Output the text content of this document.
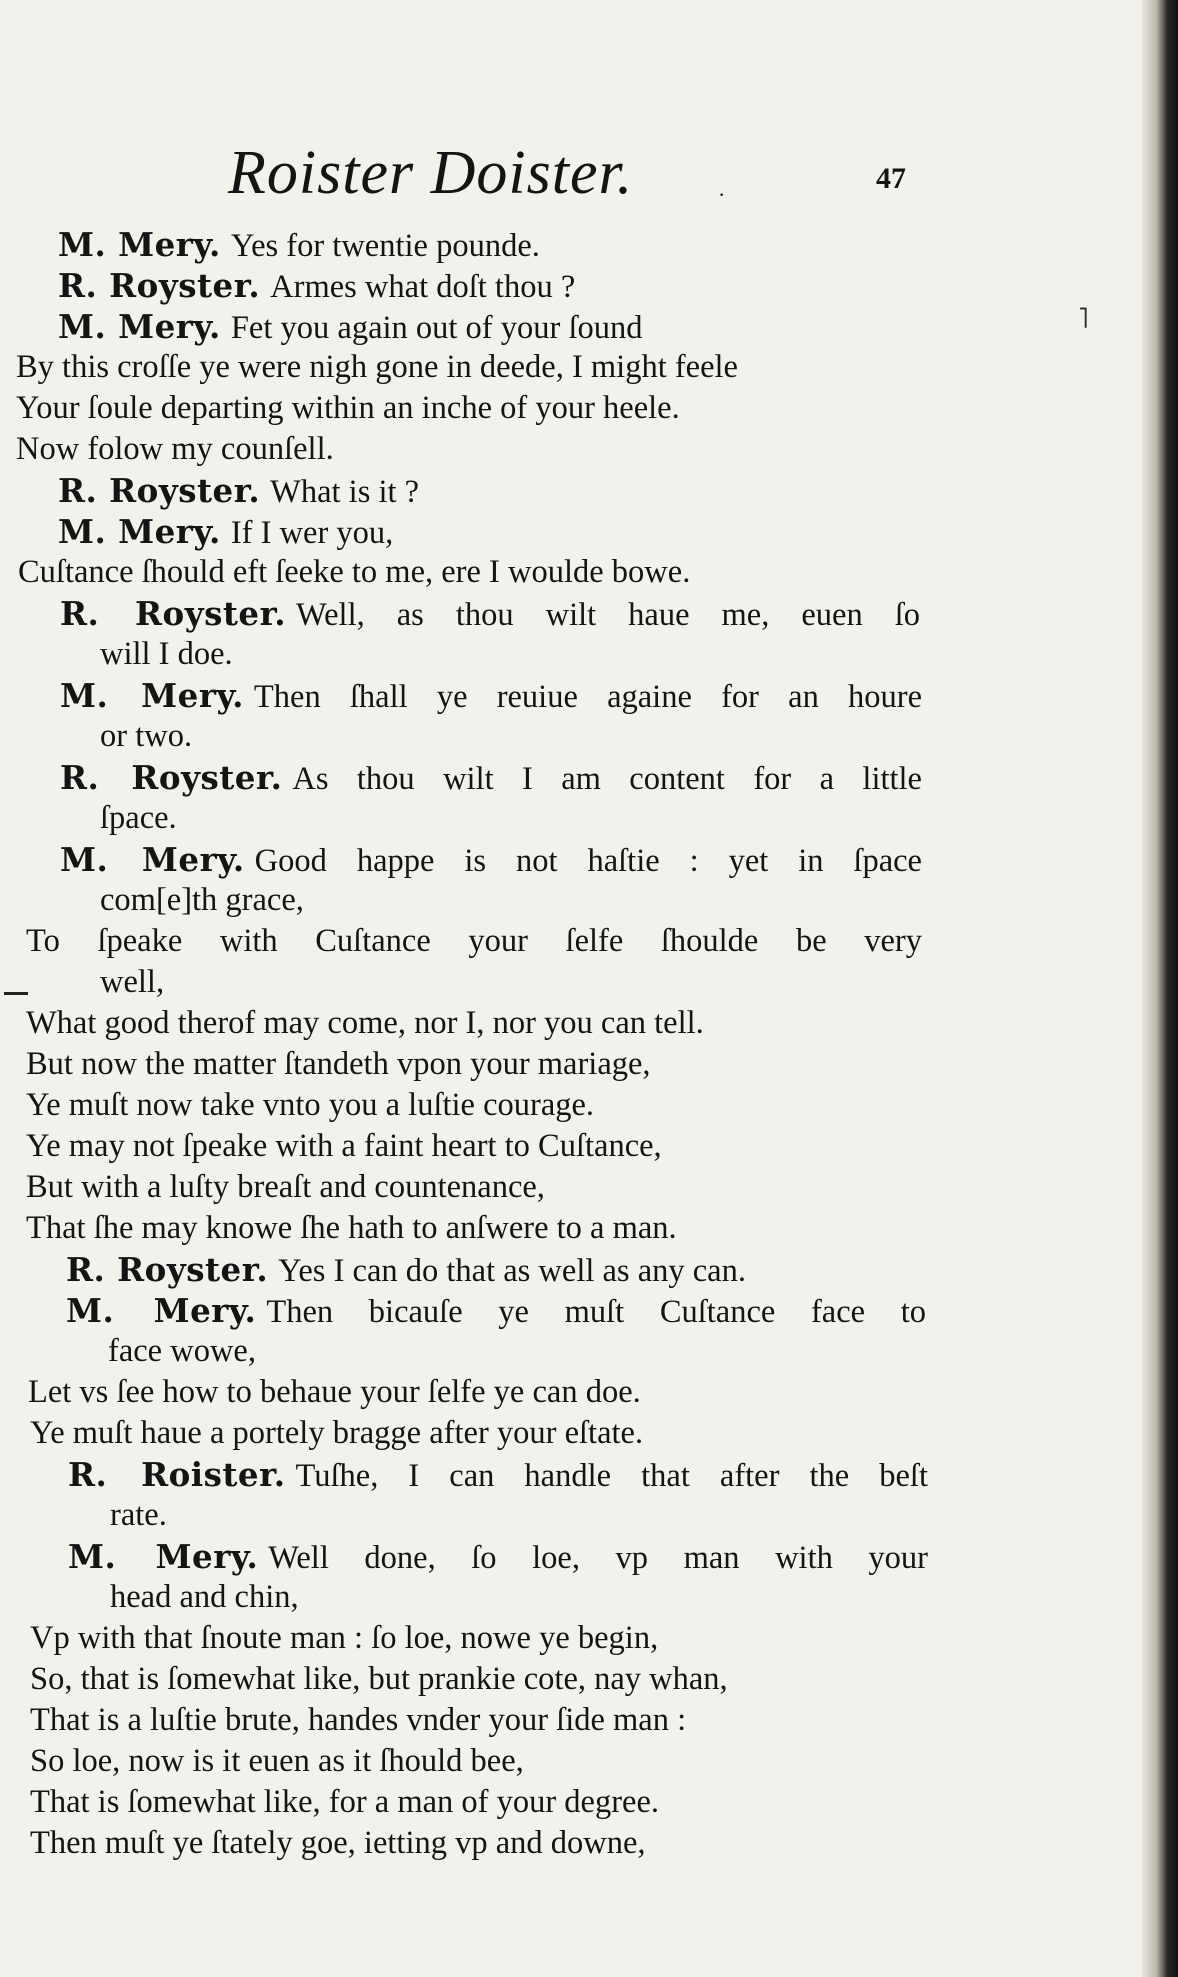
Roister Doister.	47
·
˥
M. Mery. Yes for twentie pounde.
R. Royster. Armes what doſt thou ?
M. Mery. Fet you again out of your ſound
By this croſſe ye were nigh gone in deede, I might feele
Your ſoule departing within an inche of your heele.
Now folow my counſell.
R. Royster. What is it ?
M. Mery. If I wer you,
Cuſtance ſhould eft ſeeke to me, ere I woulde bowe.
R. Royster. Well, as thou wilt haue me, euen ſo
will I doe.
M. Mery. Then ſhall ye reuiue againe for an houre
or two.
R. Royster. As thou wilt I am content for a little
ſpace.
M. Mery. Good happe is not haſtie : yet in ſpace
com[e]th grace,
To ſpeake with Cuſtance your ſelfe ſhoulde be very
well,
What good therof may come, nor I, nor you can tell.
But now the matter ſtandeth vpon your mariage,
Ye muſt now take vnto you a luſtie courage.
Ye may not ſpeake with a faint heart to Cuſtance,
But with a luſty breaſt and countenance,
That ſhe may knowe ſhe hath to anſwere to a man.
R. Royster. Yes I can do that as well as any can.
M. Mery. Then bicauſe ye muſt Cuſtance face to
face wowe,
Let vs ſee how to behaue your ſelfe ye can doe.
Ye muſt haue a portely bragge after your eſtate.
R. Roister. Tuſhe, I can handle that after the beſt
rate.
M. Mery. Well done, ſo loe, vp man with your
head and chin,
Vp with that ſnoute man : ſo loe, nowe ye begin,
So, that is ſomewhat like, but prankie cote, nay whan,
That is a luſtie brute, handes vnder your ſide man :
So loe, now is it euen as it ſhould bee,
That is ſomewhat like, for a man of your degree.
Then muſt ye ſtately goe, ietting vp and downe,
